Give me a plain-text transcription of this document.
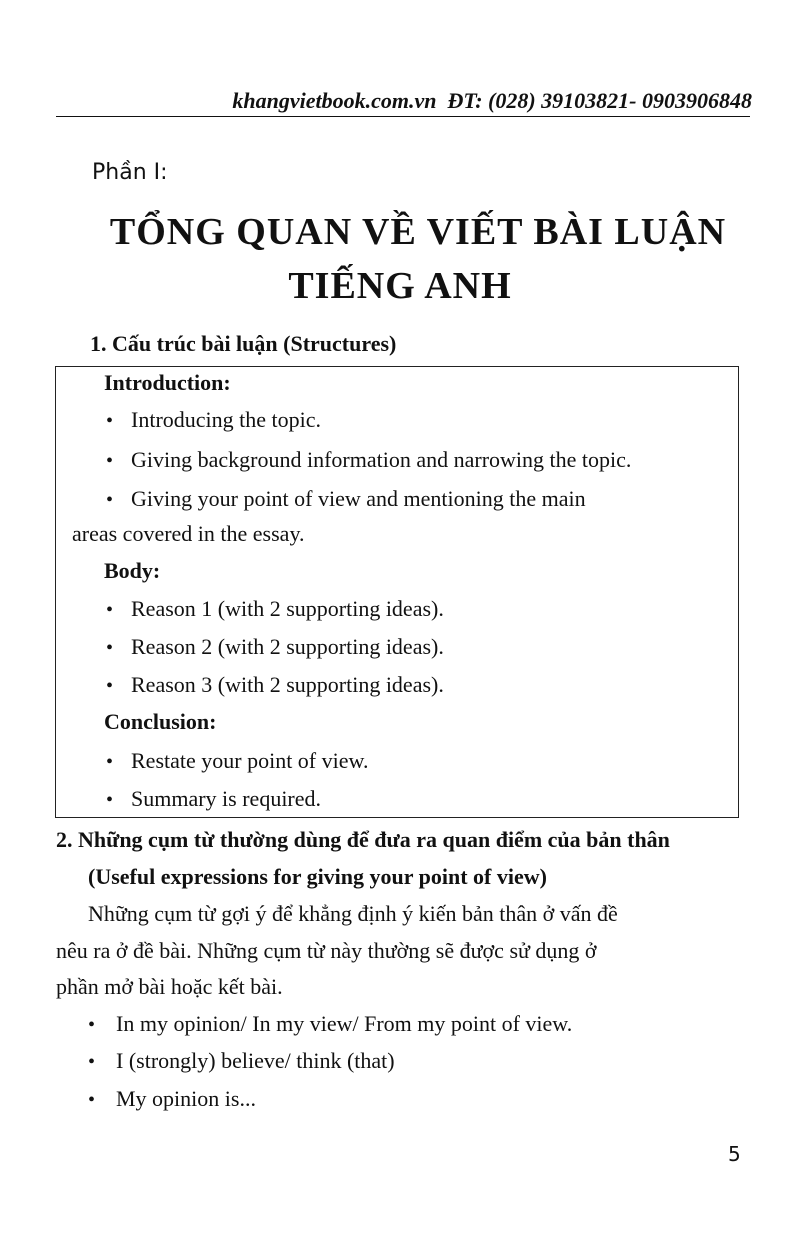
khangvietbook.com.vn ĐT: (028) 39103821- 0903906848
Phần I:
TỔNG QUAN VỀ VIẾT BÀI LUẬN
TIẾNG ANH
1. Cấu trúc bài luận (Structures)
Introduction:
• Introducing the topic.
• Giving background information and narrowing the topic.
• Giving your point of view and mentioning the main
areas covered in the essay.
Body:
• Reason 1 (with 2 supporting ideas).
• Reason 2 (with 2 supporting ideas).
• Reason 3 (with 2 supporting ideas).
Conclusion:
• Restate your point of view.
• Summary is required.
2. Những cụm từ thường dùng để đưa ra quan điểm của bản thân
(Useful expressions for giving your point of view)
Những cụm từ gợi ý để khẳng định ý kiến bản thân ở vấn đề
nêu ra ở đề bài. Những cụm từ này thường sẽ được sử dụng ở
phần mở bài hoặc kết bài.
• In my opinion/ In my view/ From my point of view.
• I (strongly) believe/ think (that)
• My opinion is...
5
